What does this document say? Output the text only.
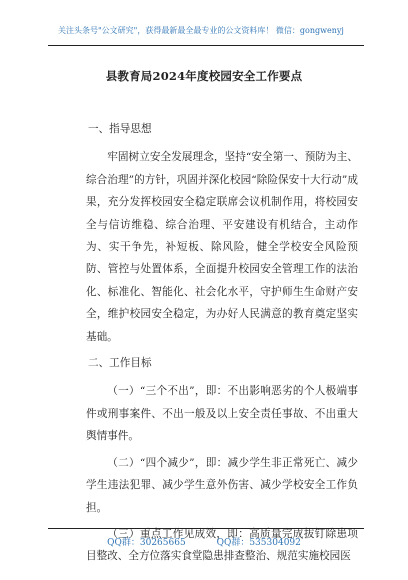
关注头条号"公文研究"，获得最新最全最专业的公文资料库！ 微信：gongwenyj
县教育局2024年度校园安全工作要点
一、指导思想
牢固树立安全发展理念，坚持“安全第一、预防为主、综合治理”的方针，巩固并深化校园“除险保安十大行动”成果，充分发挥校园安全稳定联席会议机制作用，将校园安全与信访维稳、综合治理、平安建设有机结合，主动作为、实干争先，补短板、除风险，健全学校安全风险预防、管控与处置体系，全面提升校园安全管理工作的法治化、标准化、智能化、社会化水平，守护师生生命财产安全，维护校园安全稳定，为办好人民满意的教育奠定坚实基础。
二、工作目标
（一）“三个不出”，即：不出影响恶劣的个人极端事件或刑事案件、不出一般及以上安全责任事故、不出重大舆情事件。
（二）“四个减少”，即：减少学生非正常死亡、减少学生违法犯罪、减少学生意外伤害、减少学校安全工作负担。
（三）重点工作见成效，即：高质量完成拔钉除患项目整改、全方位落实食堂隐患排查整治、规范实施校园医
QQ群：30265665	QQ群：535304092
